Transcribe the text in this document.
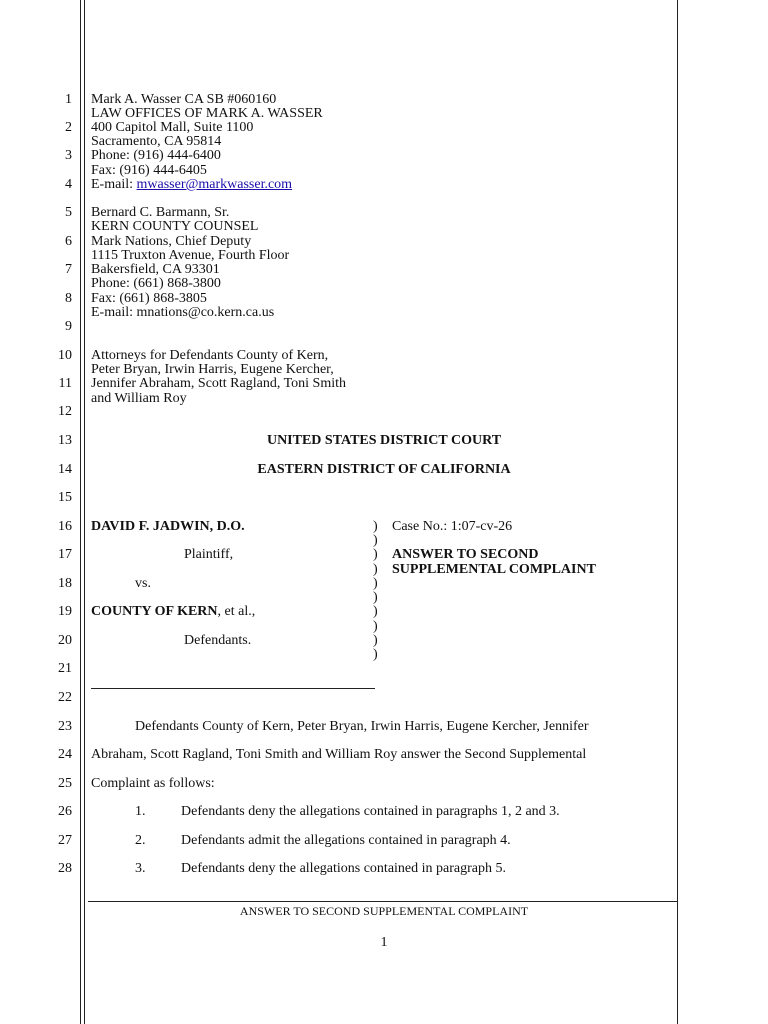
1
2
3
4
5
6
7
8
9
10
11
12
13
14
15
16
17
18
19
20
21
22
23
24
25
26
27
28
Mark A. Wasser CA SB #060160
LAW OFFICES OF MARK A. WASSER
400 Capitol Mall, Suite 1100
Sacramento, CA 95814
Phone: (916) 444-6400
Fax: (916) 444-6405
E-mail: mwasser@markwasser.com
Bernard C. Barmann, Sr.
KERN COUNTY COUNSEL
Mark Nations, Chief Deputy
1115 Truxton Avenue, Fourth Floor
Bakersfield, CA 93301
Phone: (661) 868-3800
Fax: (661) 868-3805
E-mail: mnations@co.kern.ca.us
Attorneys for Defendants County of Kern,
Peter Bryan, Irwin Harris, Eugene Kercher,
Jennifer Abraham, Scott Ragland, Toni Smith
and William Roy
UNITED STATES DISTRICT COURT
EASTERN DISTRICT OF CALIFORNIA
DAVID F. JADWIN, D.O.
Plaintiff,
vs.
COUNTY OF KERN, et al.,
Defendants.
)
)
)
)
)
)
)
)
)
)
Case No.: 1:07-cv-26
ANSWER TO SECOND
SUPPLEMENTAL COMPLAINT
Defendants County of Kern, Peter Bryan, Irwin Harris, Eugene Kercher, Jennifer
Abraham, Scott Ragland, Toni Smith and William Roy answer the Second Supplemental
Complaint as follows:
1.	Defendants deny the allegations contained in paragraphs 1, 2 and 3.
2.	Defendants admit the allegations contained in paragraph 4.
3.	Defendants deny the allegations contained in paragraph 5.
ANSWER TO SECOND SUPPLEMENTAL COMPLAINT
1
